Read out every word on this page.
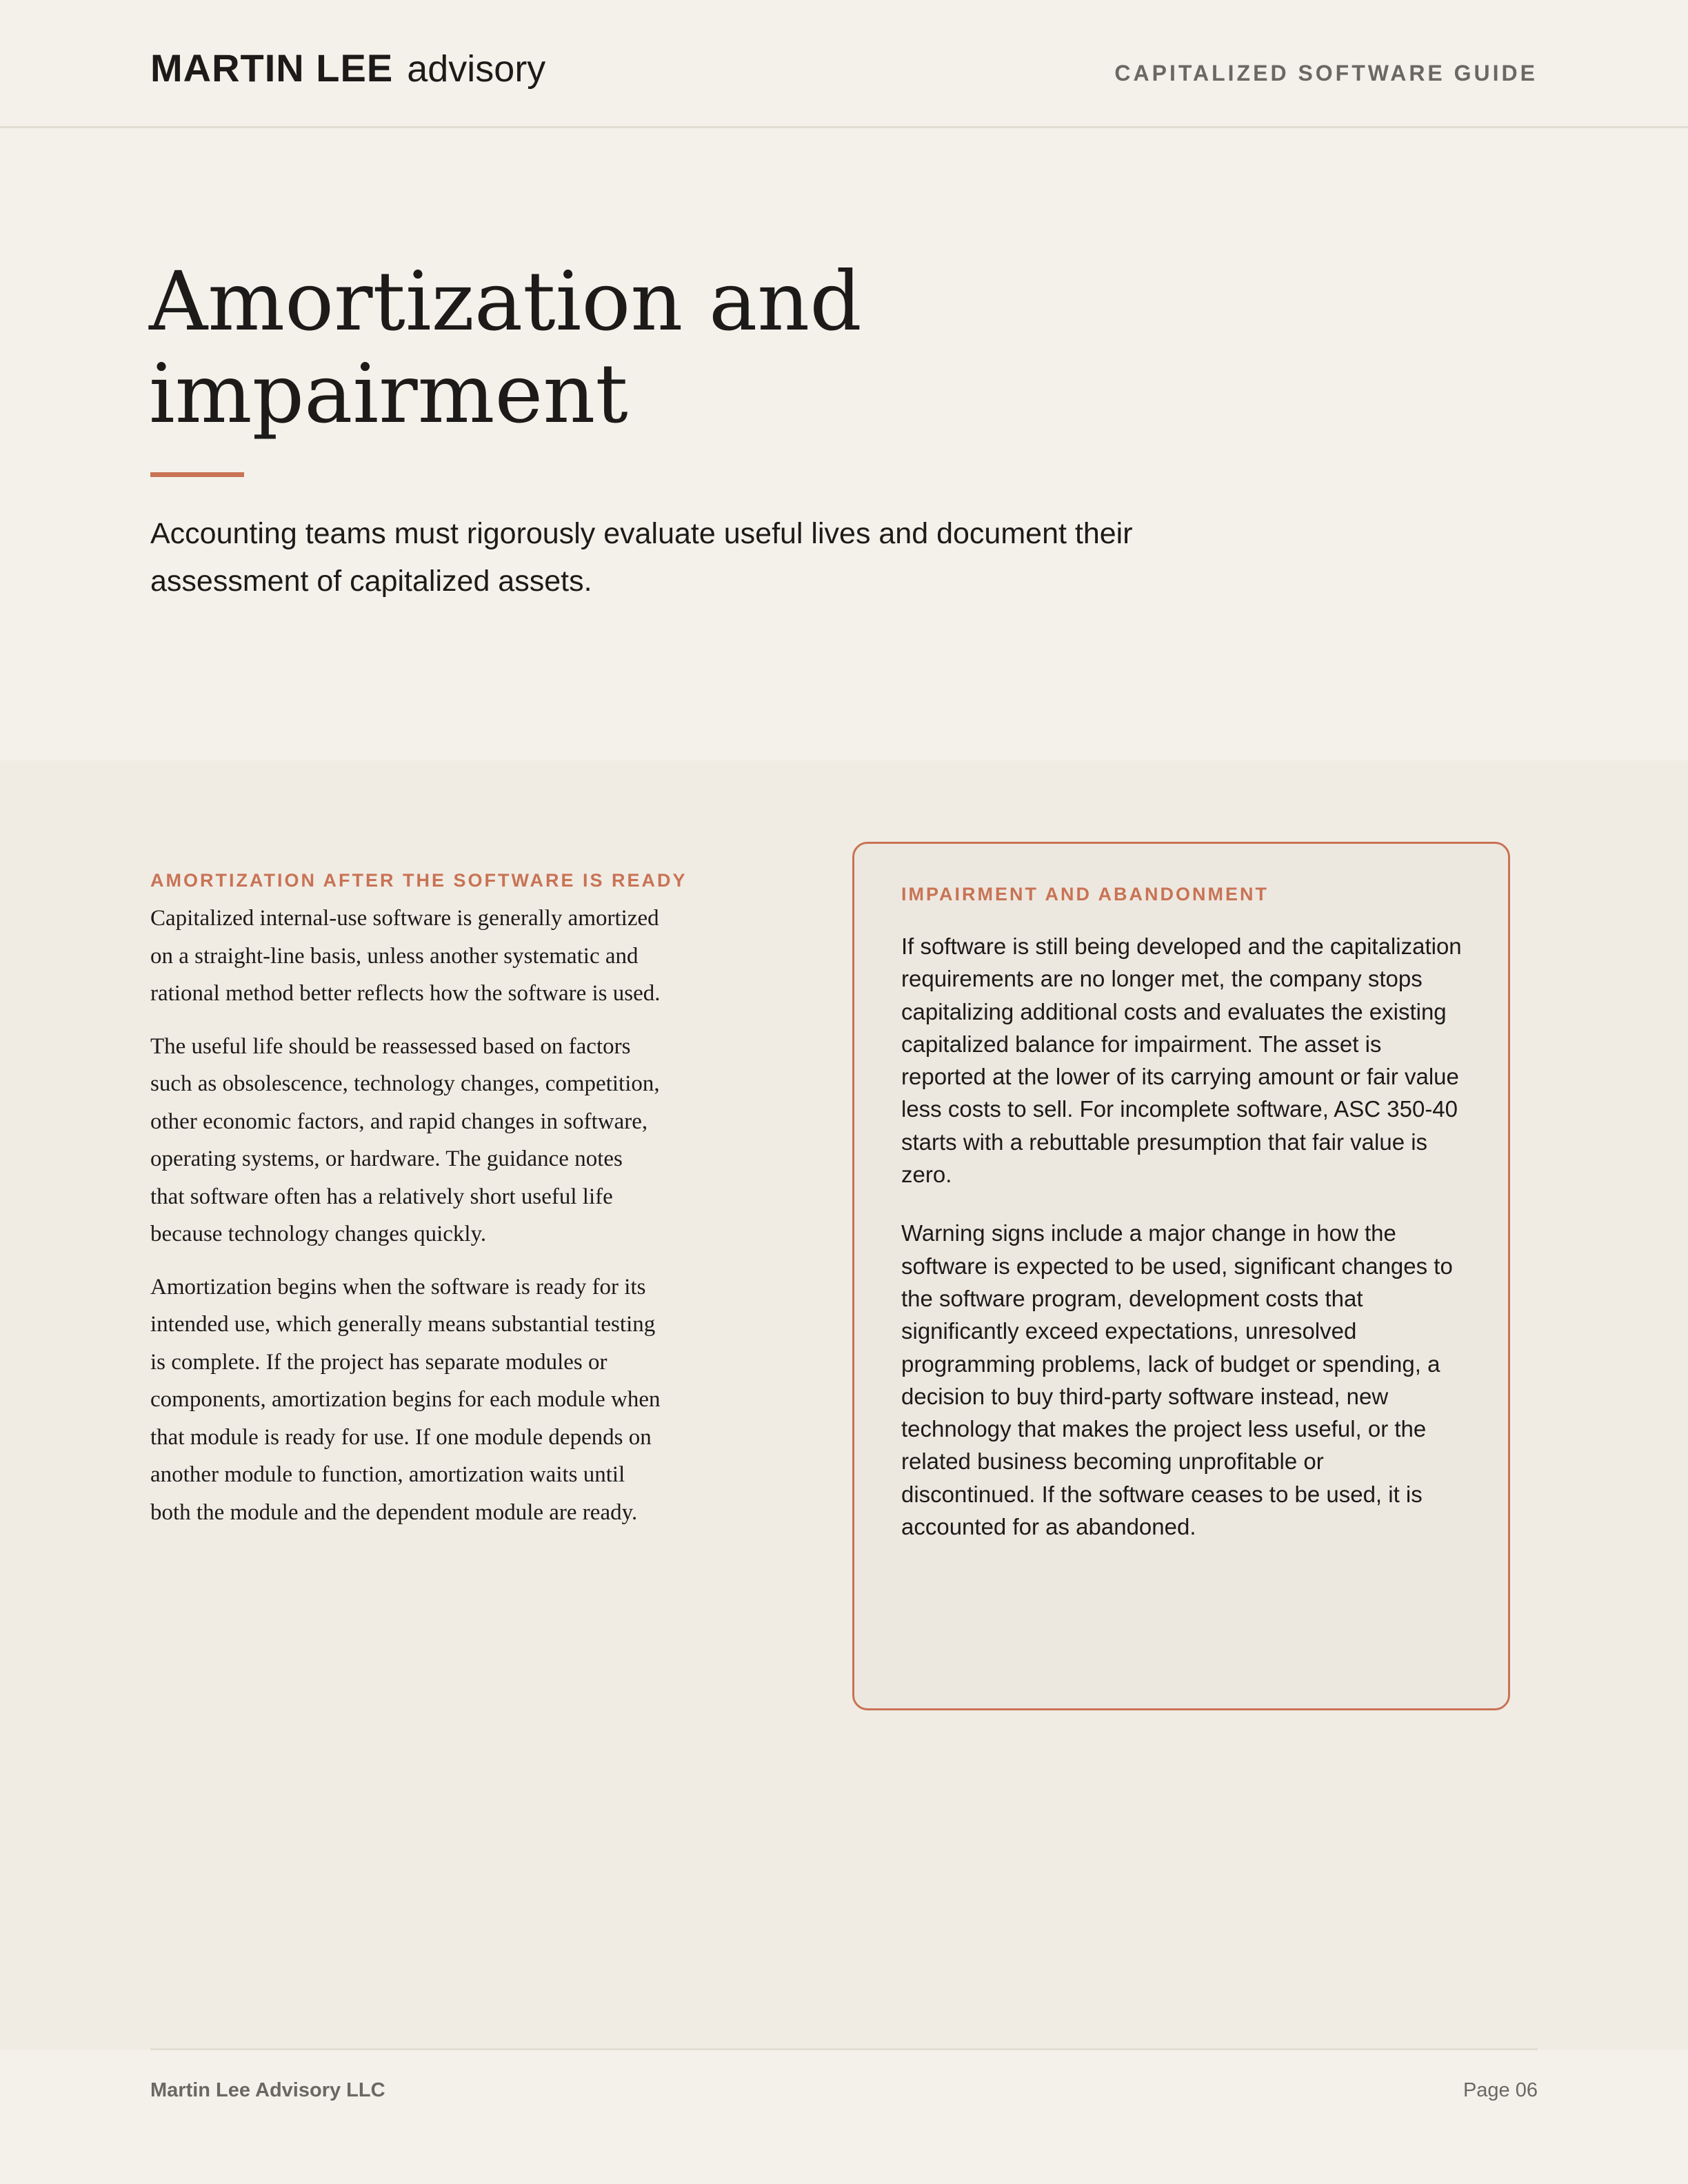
MARTIN LEE advisory	CAPITALIZED SOFTWARE GUIDE
Amortization and
impairment

Accounting teams must rigorously evaluate useful lives and document their assessment of capitalized assets.

AMORTIZATION AFTER THE SOFTWARE IS READY

Capitalized internal-use software is generally amortized on a straight-line basis, unless another systematic and rational method better reflects how the software is used.

The useful life should be reassessed based on factors such as obsolescence, technology changes, competition, other economic factors, and rapid changes in software, operating systems, or hardware. The guidance notes that software often has a relatively short useful life because technology changes quickly.

Amortization begins when the software is ready for its intended use, which generally means substantial testing is complete. If the project has separate modules or components, amortization begins for each module when that module is ready for use. If one module depends on another module to function, amortization waits until both the module and the dependent module are ready.

IMPAIRMENT AND ABANDONMENT

If software is still being developed and the capitalization requirements are no longer met, the company stops capitalizing additional costs and evaluates the existing capitalized balance for impairment. The asset is reported at the lower of its carrying amount or fair value less costs to sell. For incomplete software, ASC 350-40 starts with a rebuttable presumption that fair value is zero.

Warning signs include a major change in how the software is expected to be used, significant changes to the software program, development costs that significantly exceed expectations, unresolved programming problems, lack of budget or spending, a decision to buy third-party software instead, new technology that makes the project less useful, or the related business becoming unprofitable or discontinued. If the software ceases to be used, it is accounted for as abandoned.

Martin Lee Advisory LLC	Page 06
